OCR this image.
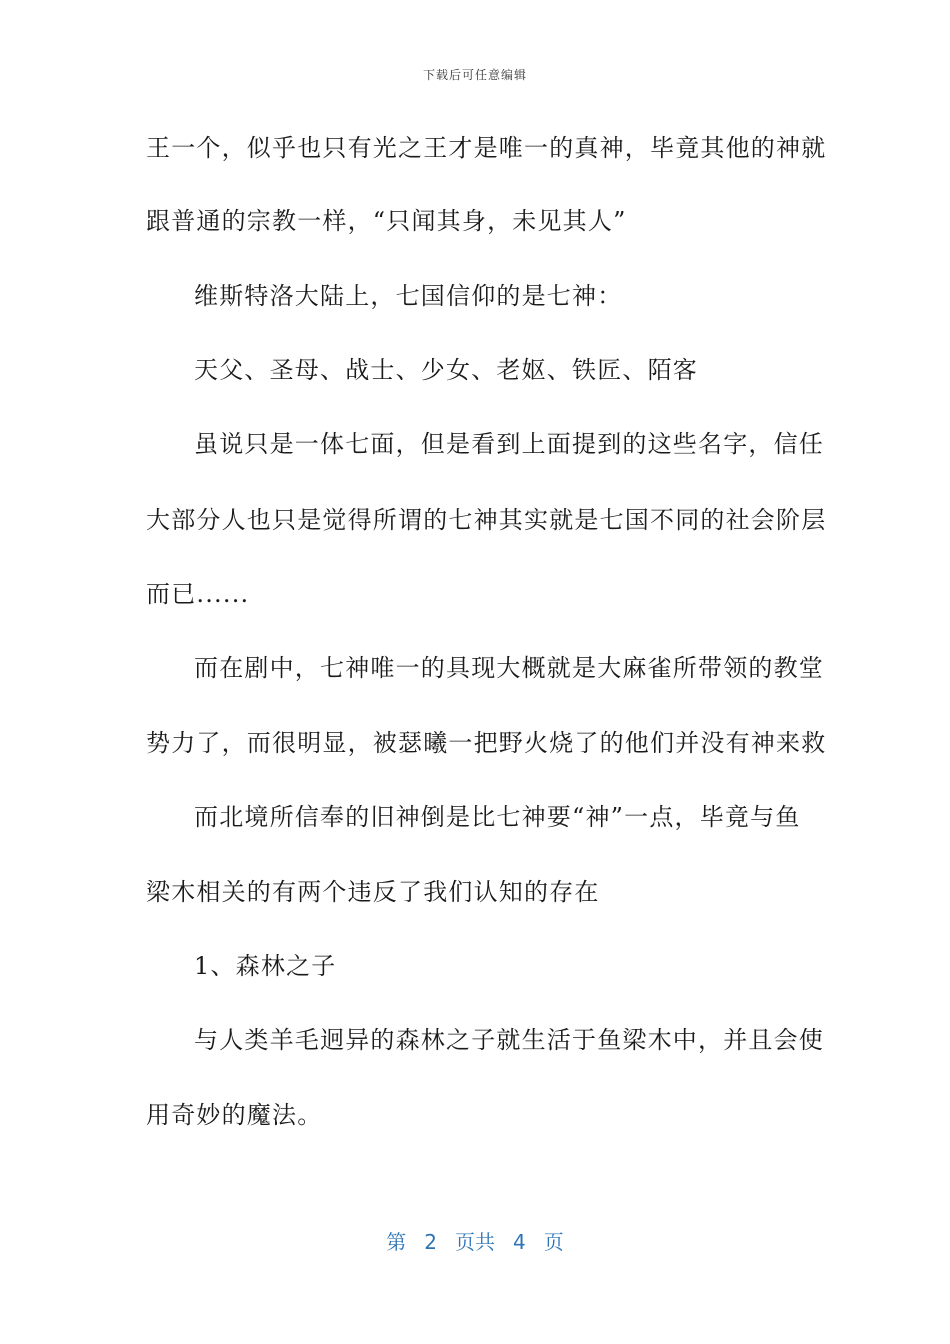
下载后可任意编辑
王一个，似乎也只有光之王才是唯一的真神，毕竟其他的神就
跟普通的宗教一样，“只闻其身，未见其人”
维斯特洛大陆上，七国信仰的是七神：
天父、圣母、战士、少女、老妪、铁匠、陌客
虽说只是一体七面，但是看到上面提到的这些名字，信任
大部分人也只是觉得所谓的七神其实就是七国不同的社会阶层
而已......
而在剧中，七神唯一的具现大概就是大麻雀所带领的教堂
势力了，而很明显，被瑟曦一把野火烧了的他们并没有神来救
而北境所信奉的旧神倒是比七神要“神”一点，毕竟与鱼
梁木相关的有两个违反了我们认知的存在
1、森林之子
与人类羊毛迥异的森林之子就生活于鱼梁木中，并且会使
用奇妙的魔法。
第 2 页共 4 页
